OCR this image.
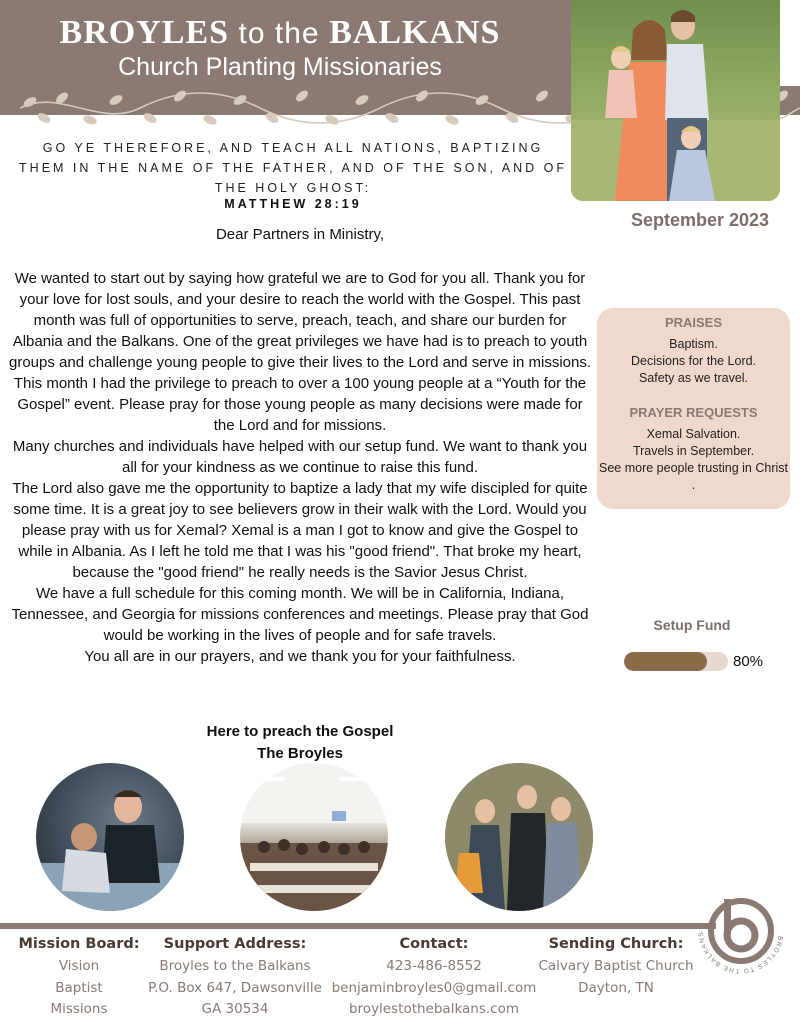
BROYLES to the BALKANS
Church Planting Missionaries
GO YE THEREFORE, AND TEACH ALL NATIONS, BAPTIZING THEM IN THE NAME OF THE FATHER, AND OF THE SON, AND OF THE HOLY GHOST:
MATTHEW 28:19
September 2023
Dear Partners in Ministry,

We wanted to start out by saying how grateful we are to God for you all. Thank you for your love for lost souls, and your desire to reach the world with the Gospel. This past month was full of opportunities to serve, preach, teach, and share our burden for Albania and the Balkans. One of the great privileges we have had is to preach to youth groups and challenge young people to give their lives to the Lord and serve in missions. This month I had the privilege to preach to over a 100 young people at a “Youth for the Gospel” event. Please pray for those young people as many decisions were made for the Lord and for missions.

Many churches and individuals have helped with our setup fund. We want to thank you all for your kindness as we continue to raise this fund.

The Lord also gave me the opportunity to baptize a lady that my wife discipled for quite some time. It is a great joy to see believers grow in their walk with the Lord. Would you please pray with us for Xemal? Xemal is a man I got to know and give the Gospel to while in Albania. As I left he told me that I was his "good friend". That broke my heart, because the "good friend" he really needs is the Savior Jesus Christ.

We have a full schedule for this coming month. We will be in California, Indiana, Tennessee, and Georgia for missions conferences and meetings. Please pray that God would be working in the lives of people and for safe travels.

You all are in our prayers, and we thank you for your faithfulness.

PRAISES
Baptism.
Decisions for the Lord.
Safety as we travel.
PRAYER REQUESTS
Xemal Salvation.
Travels in September.
See more people trusting in Christ .
Setup Fund
80%
Here to preach the Gospel
The Broyles
BROYLES TO THE BALKANS
Mission Board:
Vision
Baptist
Missions
Support Address:
Broyles to the Balkans
P.O. Box 647, Dawsonville
GA 30534
Contact:
423-486-8552
benjaminbroyles0@gmail.com
broylestothebalkans.com
Sending Church:
Calvary Baptist Church
Dayton, TN
